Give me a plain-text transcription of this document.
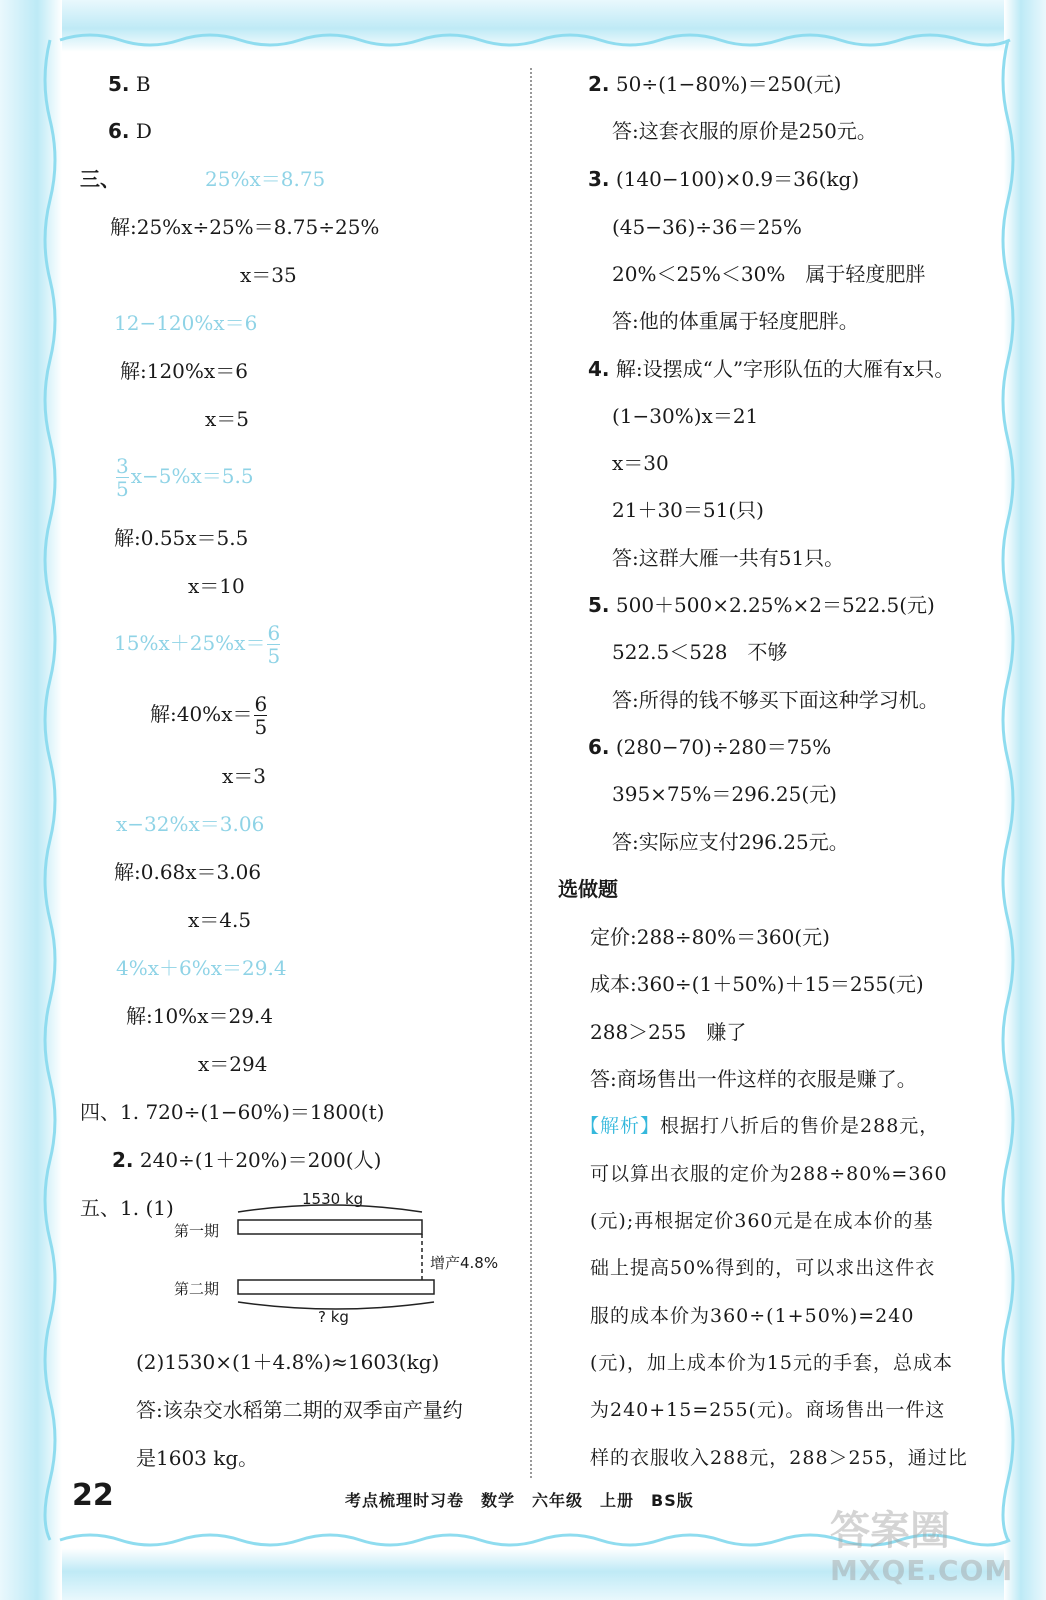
5. B
6. D
三、	25%x＝8.75
解:25%x÷25%＝8.75÷25%
x＝35
12−120%x＝6
解:120%x＝6
x＝5
$\frac{3}{5} x-5\%x=5.5$
解:0.55x＝5.5
x＝10
$15\%x+25\%x= \frac{6}{5}$
解:40%x＝ $\frac{6}{5}$
x＝3
x−32%x＝3.06
解:0.68x＝3.06
x＝4.5
4%x＋6%x＝29.4
解:10%x＝29.4
x＝294
四、1. 720÷(1−60%)＝1800(t)
2. 240÷(1＋20%)＝200(人)
五、1. (1)	1530 kg
第一期
第二期
增产4.8%
? kg
(2)1530×(1＋4.8%)≈1603(kg)
答:该杂交水稻第二期的双季亩产量约
是1603 kg。
2. 50÷(1−80%)＝250(元)
答:这套衣服的原价是250元。
3. (140−100)×0.9＝36(kg)
(45−36)÷36＝25%
20%＜25%＜30%　属于轻度肥胖
答:他的体重属于轻度肥胖。
4. 解:设摆成“人”字形队伍的大雁有x只。
(1−30%)x＝21
x＝30
21＋30＝51(只)
答:这群大雁一共有51只。
5. 500＋500×2.25%×2＝522.5(元)
522.5＜528　不够
答:所得的钱不够买下面这种学习机。
6. (280−70)÷280＝75%
395×75%＝296.25(元)
答:实际应支付296.25元。
选做题
定价:288÷80%＝360(元)
成本:360÷(1＋50%)＋15＝255(元)
288＞255　赚了
答:商场售出一件这样的衣服是赚了。
【解析】根据打八折后的售价是288元，
可以算出衣服的定价为288÷80%=360
(元);再根据定价360元是在成本价的基
础上提高50%得到的，可以求出这件衣
服的成本价为360÷(1+50%)=240
(元)，加上成本价为15元的手套，总成本
为240+15=255(元)。商场售出一件这
样的衣服收入288元，288＞255，通过比
22	考点梳理时习卷　数学　六年级　上册　BS版
答案圈
MXQE.COM
